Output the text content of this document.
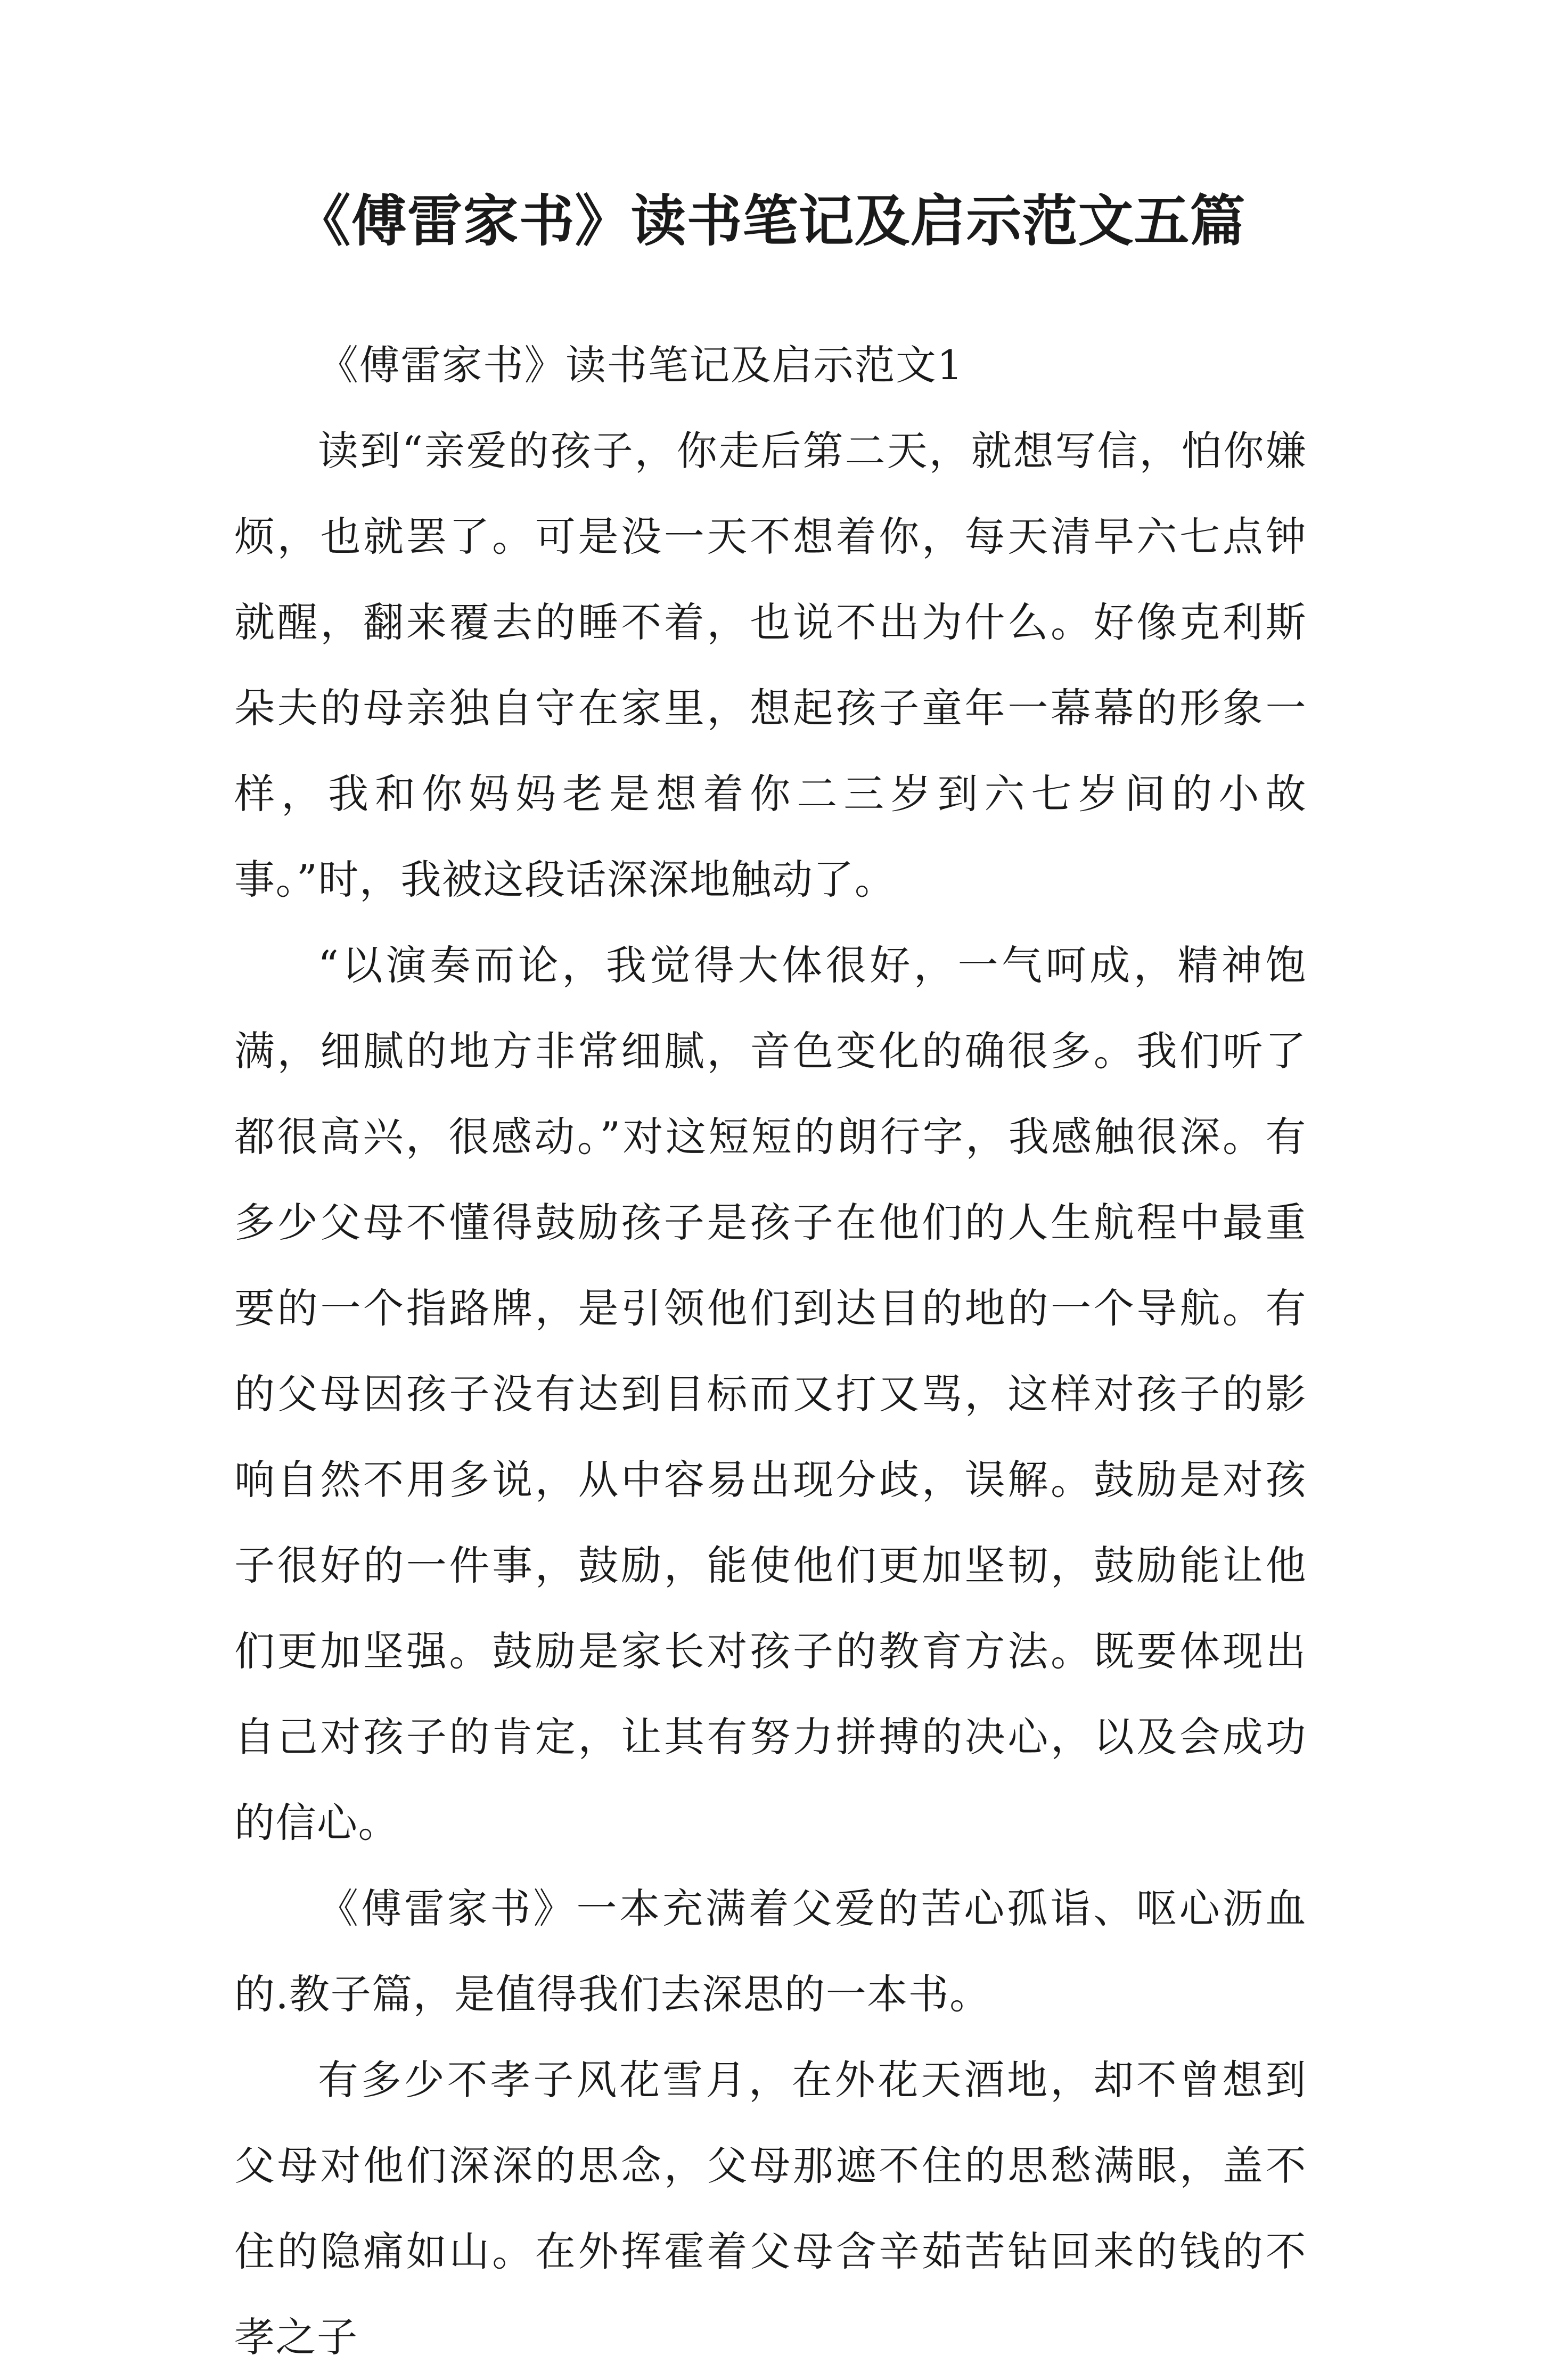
《傅雷家书》读书笔记及启示范文五篇

《傅雷家书》读书笔记及启示范文1

读到“亲爱的孩子，你走后第二天，就想写信，怕你嫌烦，也就罢了。可是没一天不想着你，每天清早六七点钟就醒，翻来覆去的睡不着，也说不出为什么。好像克利斯朵夫的母亲独自守在家里，想起孩子童年一幕幕的形象一样，我和你妈妈老是想着你二三岁到六七岁间的小故事。”时，我被这段话深深地触动了。

“以演奏而论，我觉得大体很好，一气呵成，精神饱满，细腻的地方非常细腻，音色变化的确很多。我们听了都很高兴，很感动。”对这短短的朗行字，我感触很深。有多少父母不懂得鼓励孩子是孩子在他们的人生航程中最重要的一个指路牌，是引领他们到达目的地的一个导航。有的父母因孩子没有达到目标而又打又骂，这样对孩子的影响自然不用多说，从中容易出现分歧，误解。鼓励是对孩子很好的一件事，鼓励，能使他们更加坚韧，鼓励能让他们更加坚强。鼓励是家长对孩子的教育方法。既要体现出自己对孩子的肯定，让其有努力拼搏的决心，以及会成功的信心。

《傅雷家书》一本充满着父爱的苦心孤诣、呕心沥血的.教子篇，是值得我们去深思的一本书。

有多少不孝子风花雪月，在外花天酒地，却不曾想到父母对他们深深的思念，父母那遮不住的思愁满眼，盖不住的隐痛如山。在外挥霍着父母含辛茹苦钻回来的钱的不孝之子
